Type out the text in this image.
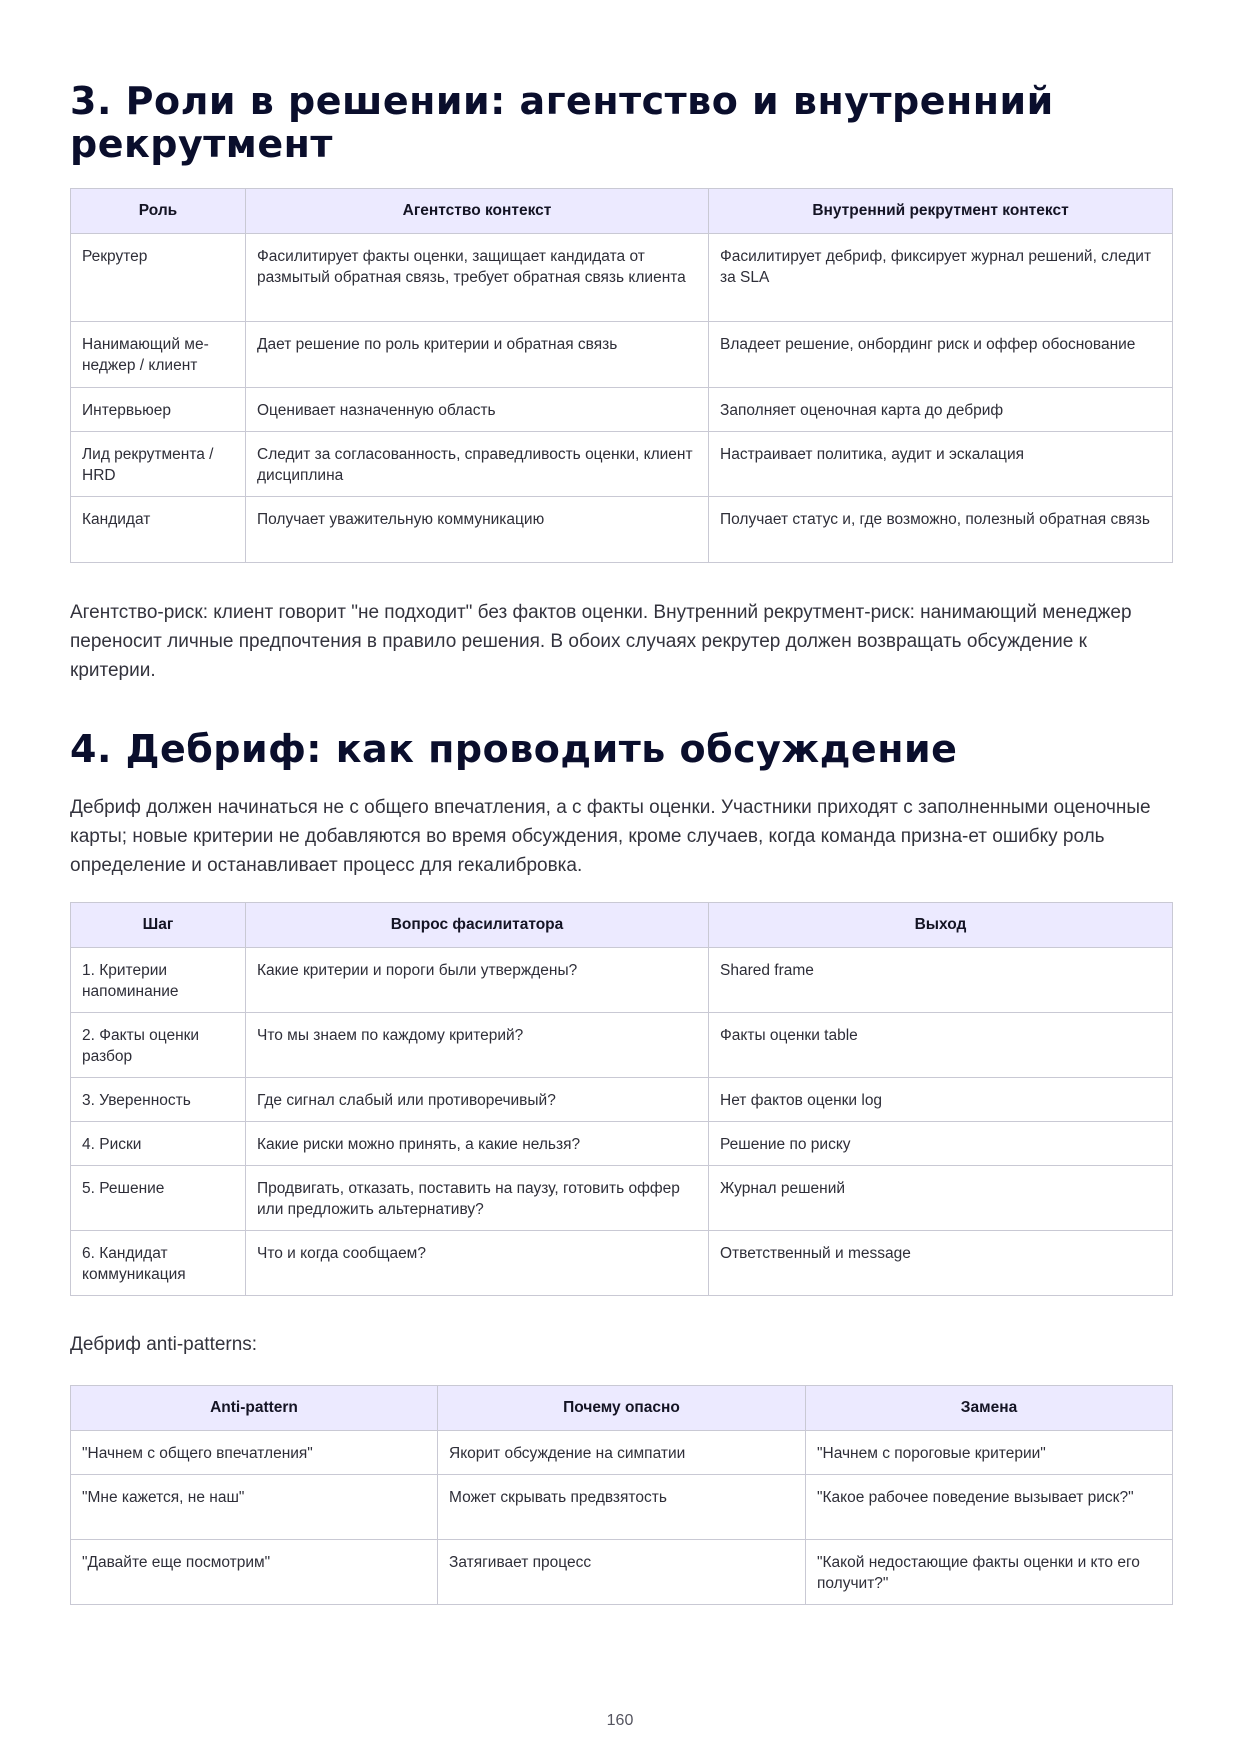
3. Роли в решении: агентство и внутренний рекрутмент
Роль	Агентство контекст	Внутренний рекрутмент контекст
Рекрутер	Фасилитирует факты оценки, защищает кандидата от размытый обратная связь, требует обратная связь клиента	Фасилитирует дебриф, фиксирует журнал решений, следит за SLA
Нанимающий ме-неджер / клиент	Дает решение по роль критерии и обратная связь	Владеет решение, онбординг риск и оффер обоснование
Интервьюер	Оценивает назначенную область	Заполняет оценочная карта до дебриф
Лид рекрутмента / HRD	Следит за согласованность, справедливость оценки, клиент дисциплина	Настраивает политика, аудит и эскалация
Кандидат	Получает уважительную коммуникацию	Получает статус и, где возможно, полезный обратная связь

Агентство-риск: клиент говорит "не подходит" без фактов оценки. Внутренний рекрутмент-риск: нанимающий менеджер переносит личные предпочтения в правило решения. В обоих случаях рекрутер должен возвращать обсуждение к критерии.

4. Дебриф: как проводить обсуждение

Дебриф должен начинаться не с общего впечатления, а с факты оценки. Участники приходят с заполненными оценочные карты; новые критерии не добавляются во время обсуждения, кроме случаев, когда команда призна-ет ошибку роль определение и останавливает процесс для rекалибровка.

Шаг	Вопрос фасилитатора	Выход
1. Критерии напоминание	Какие критерии и пороги были утверждены?	Shared frame
2. Факты оценки разбор	Что мы знаем по каждому критерий?	Факты оценки table
3. Уверенность	Где сигнал слабый или противоречивый?	Нет фактов оценки log
4. Риски	Какие риски можно принять, а какие нельзя?	Решение по риску
5. Решение	Продвигать, отказать, поставить на паузу, готовить оффер или предложить альтернативу?	Журнал решений
6. Кандидат коммуникация	Что и когда сообщаем?	Ответственный и message

Дебриф anti-patterns:

Anti-pattern	Почему опасно	Замена
"Начнем с общего впечатления"	Якорит обсуждение на симпатии	"Начнем с пороговые критерии"
"Мне кажется, не наш"	Может скрывать предвзятость	"Какое рабочее поведение вызывает риск?"
"Давайте еще посмотрим"	Затягивает процесс	"Какой недостающие факты оценки и кто его получит?"
160
